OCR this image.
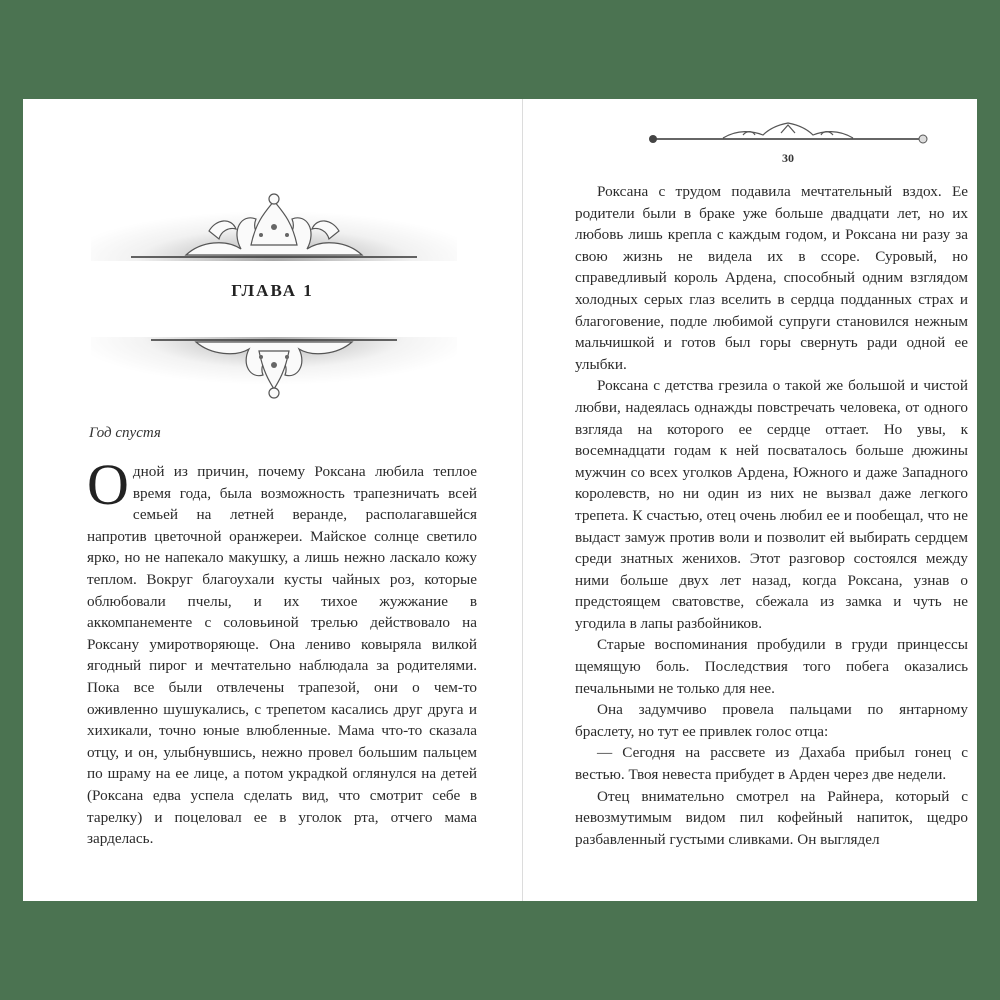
ГЛАВА 1
Год спустя

Одной из причин, почему Роксана любила теплое время года, была возможность трапезничать всей семьей на летней веранде, располагавшейся напротив цветочной оранжереи. Майское солнце светило ярко, но не напекало макушку, а лишь нежно ласкало кожу теплом. Вокруг благоухали кусты чайных роз, которые облюбовали пчелы, и их тихое жужжание в аккомпанементе с соловьиной трелью действовало на Роксану умиротворяюще. Она лениво ковыряла вилкой ягодный пирог и мечтательно наблюдала за родителями. Пока все были отвлечены трапезой, они о чем-то оживленно шушукались, с трепетом касались друг друга и хихикали, точно юные влюбленные. Мама что-то сказала отцу, и он, улыбнувшись, нежно провел большим пальцем по шраму на ее лице, а потом украдкой оглянулся на детей (Роксана едва успела сделать вид, что смотрит себе в тарелку) и поцеловал ее в уголок рта, отчего мама зарделась.

30

Роксана с трудом подавила мечтательный вздох. Ее родители были в браке уже больше двадцати лет, но их любовь лишь крепла с каждым годом, и Роксана ни разу за свою жизнь не видела их в ссоре. Суровый, но справедливый король Ардена, способный одним взглядом холодных серых глаз вселить в сердца подданных страх и благоговение, подле любимой супруги становился нежным мальчишкой и готов был горы свернуть ради одной ее улыбки.

Роксана с детства грезила о такой же большой и чистой любви, надеялась однажды повстречать человека, от одного взгляда на которого ее сердце оттает. Но увы, к восемнадцати годам к ней посваталось больше дюжины мужчин со всех уголков Ардена, Южного и даже Западного королевств, но ни один из них не вызвал даже легкого трепета. К счастью, отец очень любил ее и пообещал, что не выдаст замуж против воли и позволит ей выбирать сердцем среди знатных женихов. Этот разговор состоялся между ними больше двух лет назад, когда Роксана, узнав о предстоящем сватовстве, сбежала из замка и чуть не угодила в лапы разбойников.

Старые воспоминания пробудили в груди принцессы щемящую боль. Последствия того побега оказались печальными не только для нее.

Она задумчиво провела пальцами по янтарному браслету, но тут ее привлек голос отца:

— Сегодня на рассвете из Дахаба прибыл гонец с вестью. Твоя невеста прибудет в Арден через две недели.

Отец внимательно смотрел на Райнера, который с невозмутимым видом пил кофейный напиток, щедро разбавленный густыми сливками. Он выглядел
